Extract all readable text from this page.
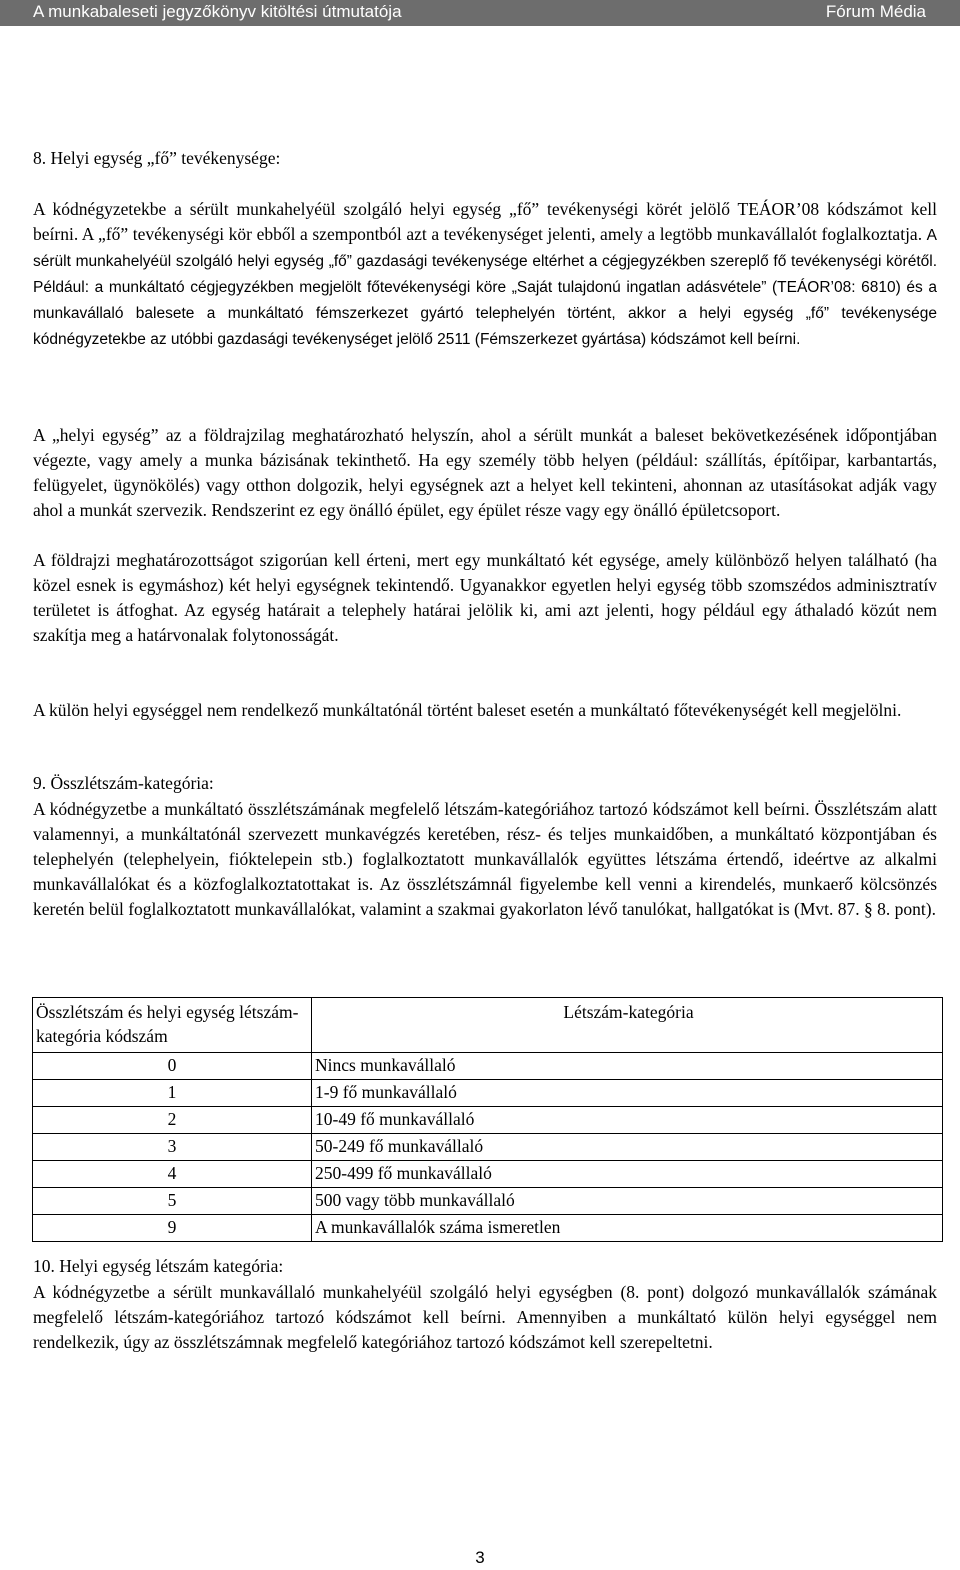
A munkabaleseti jegyzőkönyv kitöltési útmutatója	Fórum Média
8. Helyi egység „fő” tevékenysége:
A kódnégyzetekbe a sérült munkahelyéül szolgáló helyi egység „fő” tevékenységi körét jelölő TEÁOR’08 kódszámot kell beírni. A „fő” tevékenységi kör ebből a szempontból azt a tevékenységet jelenti, amely a legtöbb munkavállalót foglalkoztatja. A sérült munkahelyéül szolgáló helyi egység „fő” gazdasági tevékenysége eltérhet a cégjegyzékben szereplő fő tevékenységi körétől. Például: a munkáltató cégjegyzékben megjelölt főtevékenységi köre „Saját tulajdonú ingatlan adásvétele” (TEÁOR’08: 6810) és a munkavállaló balesete a munkáltató fémszerkezet gyártó telephelyén történt, akkor a helyi egység „fő” tevékenysége kódnégyzetekbe az utóbbi gazdasági tevékenységet jelölő 2511 (Fémszerkezet gyártása) kódszámot kell beírni.
A „helyi egység” az a földrajzilag meghatározható helyszín, ahol a sérült munkát a baleset bekövetkezésének időpontjában végezte, vagy amely a munka bázisának tekinthető. Ha egy személy több helyen (például: szállítás, építőipar, karbantartás, felügyelet, ügynökölés) vagy otthon dolgozik, helyi egységnek azt a helyet kell tekinteni, ahonnan az utasításokat adják vagy ahol a munkát szervezik. Rendszerint ez egy önálló épület, egy épület része vagy egy önálló épületcsoport.
A földrajzi meghatározottságot szigorúan kell érteni, mert egy munkáltató két egysége, amely különböző helyen található (ha közel esnek is egymáshoz) két helyi egységnek tekintendő. Ugyanakkor egyetlen helyi egység több szomszédos adminisztratív területet is átfoghat. Az egység határait a telephely határai jelölik ki, ami azt jelenti, hogy például egy áthaladó közút nem szakítja meg a határvonalak folytonosságát.
A külön helyi egységgel nem rendelkező munkáltatónál történt baleset esetén a munkáltató főtevékenységét kell megjelölni.
9. Összlétszám-kategória:
A kódnégyzetbe a munkáltató összlétszámának megfelelő létszám-kategóriához tartozó kódszámot kell beírni. Összlétszám alatt valamennyi, a munkáltatónál szervezett munkavégzés keretében, rész- és teljes munkaidőben, a munkáltató központjában és telephelyén (telephelyein, fióktelepein stb.) foglalkoztatott munkavállalók együttes létszáma értendő, ideértve az alkalmi munkavállalókat és a közfoglalkoztatottakat is. Az összlétszámnál figyelembe kell venni a kirendelés, munkaerő kölcsönzés keretén belül foglalkoztatott munkavállalókat, valamint a szakmai gyakorlaton lévő tanulókat, hallgatókat is (Mvt. 87. § 8. pont).
Összlétszám és helyi egység létszám-kategória kódszám	Létszám-kategória
0	Nincs munkavállaló
1	1-9 fő munkavállaló
2	10-49 fő munkavállaló
3	50-249 fő munkavállaló
4	250-499 fő munkavállaló
5	500 vagy több munkavállaló
9	A munkavállalók száma ismeretlen
10. Helyi egység létszám kategória:
A kódnégyzetbe a sérült munkavállaló munkahelyéül szolgáló helyi egységben (8. pont) dolgozó munkavállalók számának megfelelő létszám-kategóriához tartozó kódszámot kell beírni. Amennyiben a munkáltató külön helyi egységgel nem rendelkezik, úgy az összlétszámnak megfelelő kategóriához tartozó kódszámot kell szerepeltetni.
3
